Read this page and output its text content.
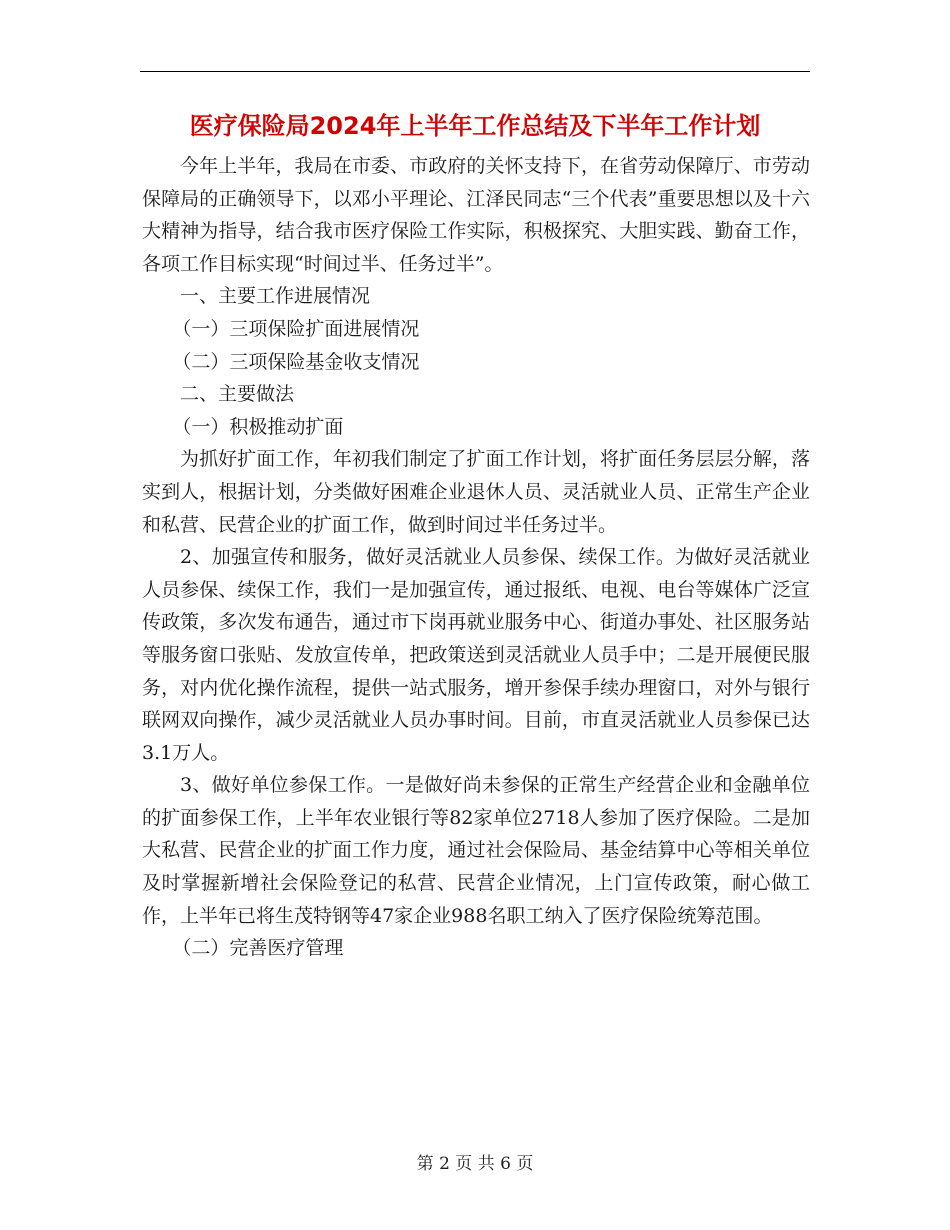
医疗保险局2024年上半年工作总结及下半年工作计划

今年上半年，我局在市委、市政府的关怀支持下，在省劳动保障厅、市劳动保障局的正确领导下，以邓小平理论、江泽民同志“三个代表”重要思想以及十六大精神为指导，结合我市医疗保险工作实际，积极探究、大胆实践、勤奋工作，各项工作目标实现“时间过半、任务过半”。

一、主要工作进展情况

（一）三项保险扩面进展情况

（二）三项保险基金收支情况

二、主要做法

（一）积极推动扩面

为抓好扩面工作，年初我们制定了扩面工作计划，将扩面任务层层分解，落实到人，根据计划，分类做好困难企业退休人员、灵活就业人员、正常生产企业和私营、民营企业的扩面工作，做到时间过半任务过半。

2、加强宣传和服务，做好灵活就业人员参保、续保工作。为做好灵活就业人员参保、续保工作，我们一是加强宣传，通过报纸、电视、电台等媒体广泛宣传政策，多次发布通告，通过市下岗再就业服务中心、街道办事处、社区服务站等服务窗口张贴、发放宣传单，把政策送到灵活就业人员手中；二是开展便民服务，对内优化操作流程，提供一站式服务，增开参保手续办理窗口，对外与银行联网双向操作，减少灵活就业人员办事时间。目前，市直灵活就业人员参保已达3.1万人。

3、做好单位参保工作。一是做好尚未参保的正常生产经营企业和金融单位的扩面参保工作，上半年农业银行等82家单位2718人参加了医疗保险。二是加大私营、民营企业的扩面工作力度，通过社会保险局、基金结算中心等相关单位及时掌握新增社会保险登记的私营、民营企业情况，上门宣传政策，耐心做工作，上半年已将生茂特钢等47家企业988名职工纳入了医疗保险统筹范围。

（二）完善医疗管理

第 2 页 共 6 页
